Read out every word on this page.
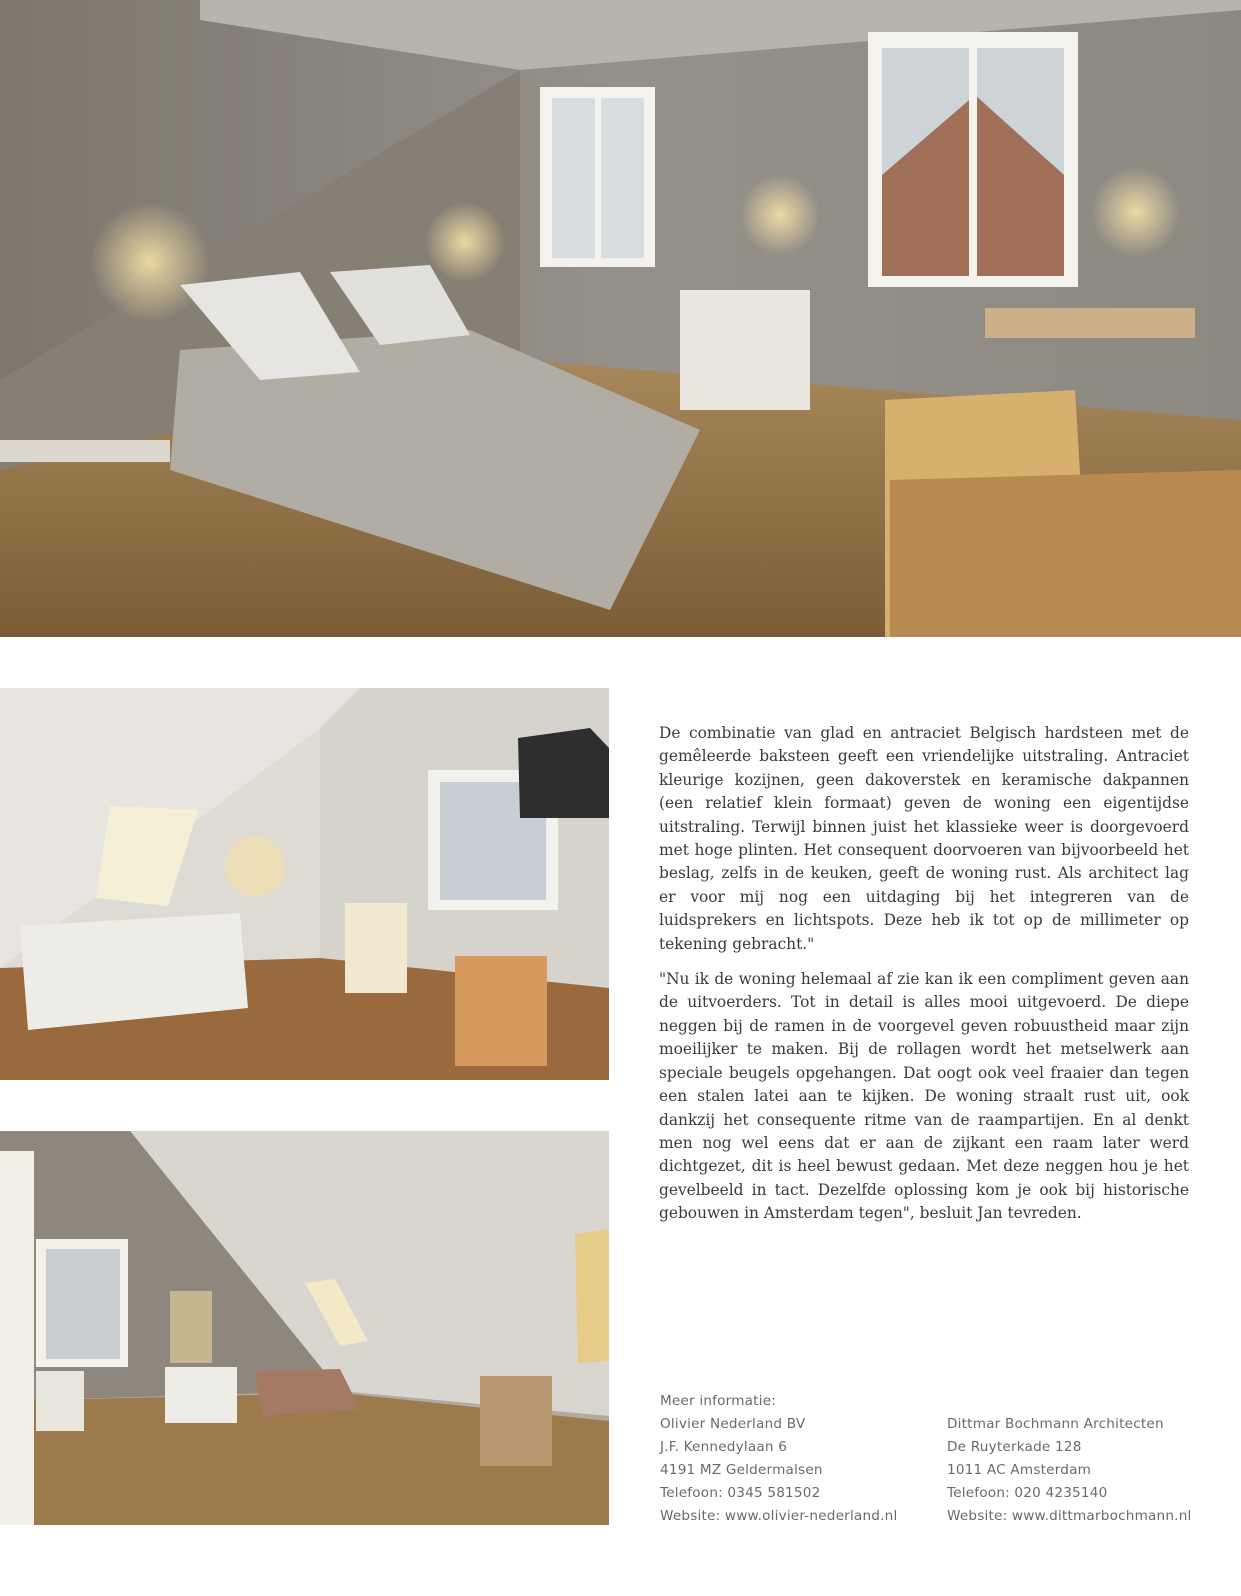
De combinatie van glad en antraciet Belgisch hardsteen met de gemêleerde baksteen geeft een vriendelijke uitstraling. Antraciet kleurige kozijnen, geen dakoverstek en keramische dakpannen (een relatief klein formaat) geven de woning een eigentijdse uitstraling. Terwijl binnen juist het klassieke weer is doorgevoerd met hoge plinten. Het consequent doorvoeren van bijvoorbeeld het beslag, zelfs in de keuken, geeft de woning rust. Als architect lag er voor mij nog een uitdaging bij het integreren van de luidsprekers en lichtspots. Deze heb ik tot op de millimeter op tekening gebracht."

"Nu ik de woning helemaal af zie kan ik een compliment geven aan de uitvoerders. Tot in detail is alles mooi uitgevoerd. De diepe neggen bij de ramen in de voorgevel geven robuustheid maar zijn moeilijker te maken. Bij de rollagen wordt het metselwerk aan speciale beugels opgehangen. Dat oogt ook veel fraaier dan tegen een stalen latei aan te kijken. De woning straalt rust uit, ook dankzij het consequente ritme van de raampartijen. En al denkt men nog wel eens dat er aan de zijkant een raam later werd dichtgezet, dit is heel bewust gedaan. Met deze neggen hou je het gevelbeeld in tact. Dezelfde oplossing kom je ook bij historische gebouwen in Amsterdam tegen", besluit Jan tevreden.

Meer informatie:
Olivier Nederland BV
J.F. Kennedylaan 6
4191 MZ Geldermalsen
Telefoon: 0345 581502
Website: www.olivier-nederland.nl

Dittmar Bochmann Architecten
De Ruyterkade 128
1011 AC Amsterdam
Telefoon: 020 4235140
Website: www.dittmarbochmann.nl
